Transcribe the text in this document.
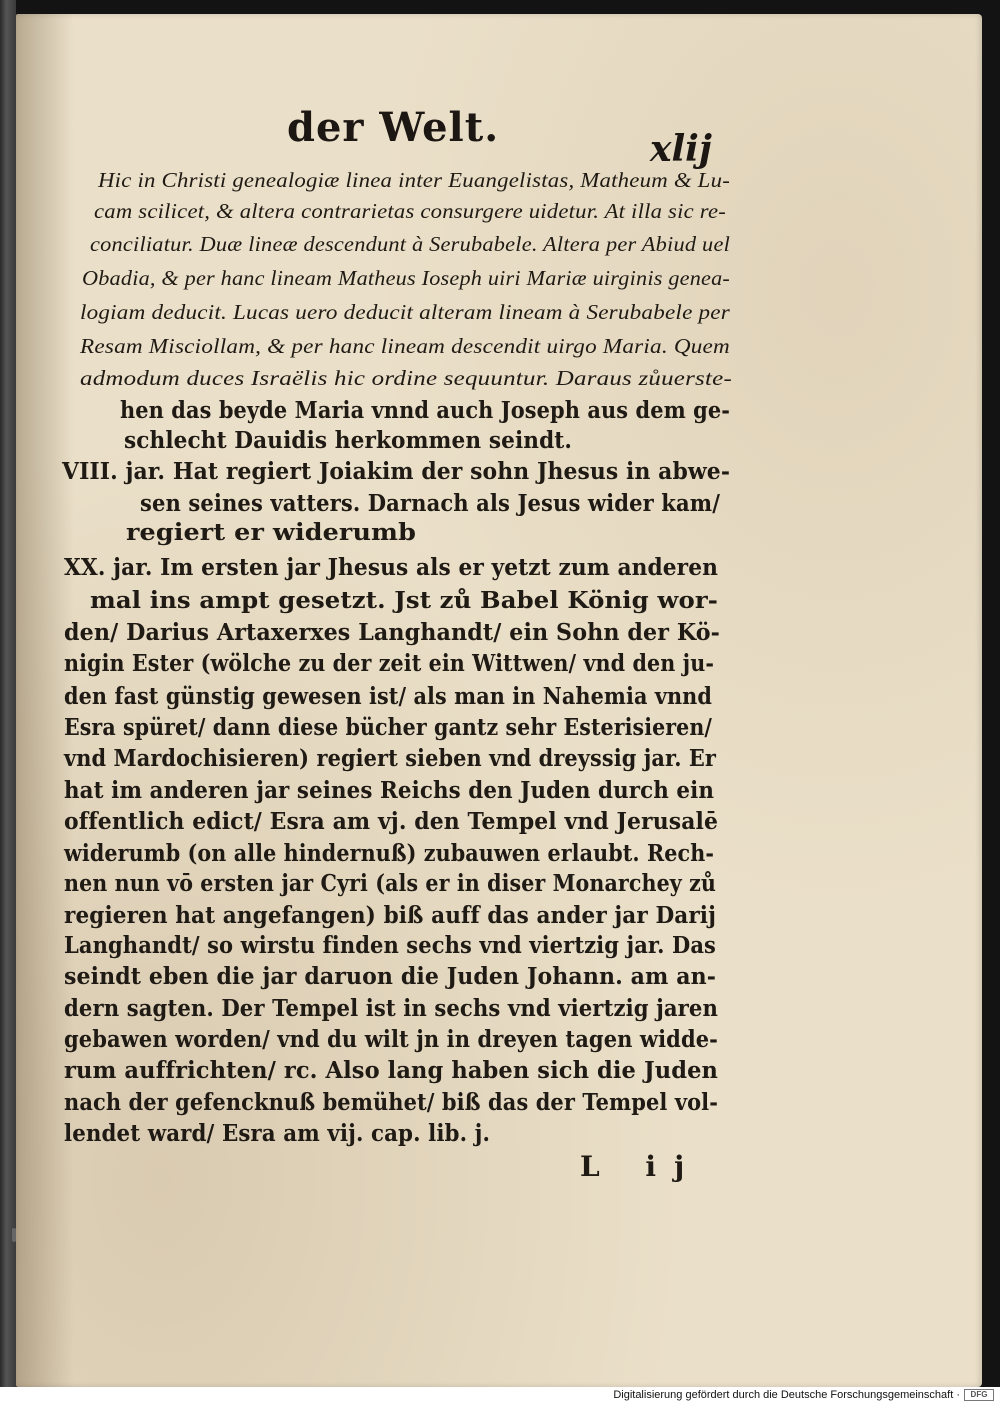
der Welt.	xlij
Hic in Christi genealogiæ linea inter Euangelistas, Matheum & Lu-
cam scilicet, & altera contrarietas consurgere uidetur. At illa sic re-
conciliatur. Duæ lineæ descendunt à Serubabele. Altera per Abiud uel
Obadia, & per hanc lineam Matheus Ioseph uiri Mariæ uirginis genea-
logiam deducit. Lucas uero deducit alteram lineam à Serubabele per
Resam Misciollam, & per hanc lineam descendit uirgo Maria. Quem
admodum duces Israëlis hic ordine sequuntur. Daraus zůuerste-
hen das beyde Maria vnnd auch Joseph aus dem ge-
schlecht Dauidis herkommen seindt.
VIII. jar. Hat regiert Joiakim der sohn Jhesus in abwe-
sen seines vatters. Darnach als Jesus wider kam/
regiert er widerumb
XX. jar. Im ersten jar Jhesus als er yetzt zum anderen
mal ins ampt gesetzt. Jst zů Babel König wor-
den/ Darius Artaxerxes Langhandt/ ein Sohn der Kö-
nigin Ester (wölche zu der zeit ein Wittwen/ vnd den ju-
den fast günstig gewesen ist/ als man in Nahemia vnnd
Esra spüret/ dann diese bücher gantz sehr Esterisieren/
vnd Mardochisieren) regiert sieben vnd dreyssig jar. Er
hat im anderen jar seines Reichs den Juden durch ein
offentlich edict/ Esra am vj. den Tempel vnd Jerusalē
widerumb (on alle hindernuß) zubauwen erlaubt. Rech-
nen nun vō ersten jar Cyri (als er in diser Monarchey zů
regieren hat angefangen) biß auff das ander jar Darij
Langhandt/ so wirstu finden sechs vnd viertzig jar. Das
seindt eben die jar daruon die Juden Johann. am an-
dern sagten. Der Tempel ist in sechs vnd viertzig jaren
gebawen worden/ vnd du wilt jn in dreyen tagen widde-
rum auffrichten/ rc. Also lang haben sich die Juden
nach der gefencknuß bemühet/ biß das der Tempel vol-
lendet ward/ Esra am vij. cap. lib. j.
L ij
Digitalisierung gefördert durch die Deutsche Forschungsgemeinschaft ·	DFG
